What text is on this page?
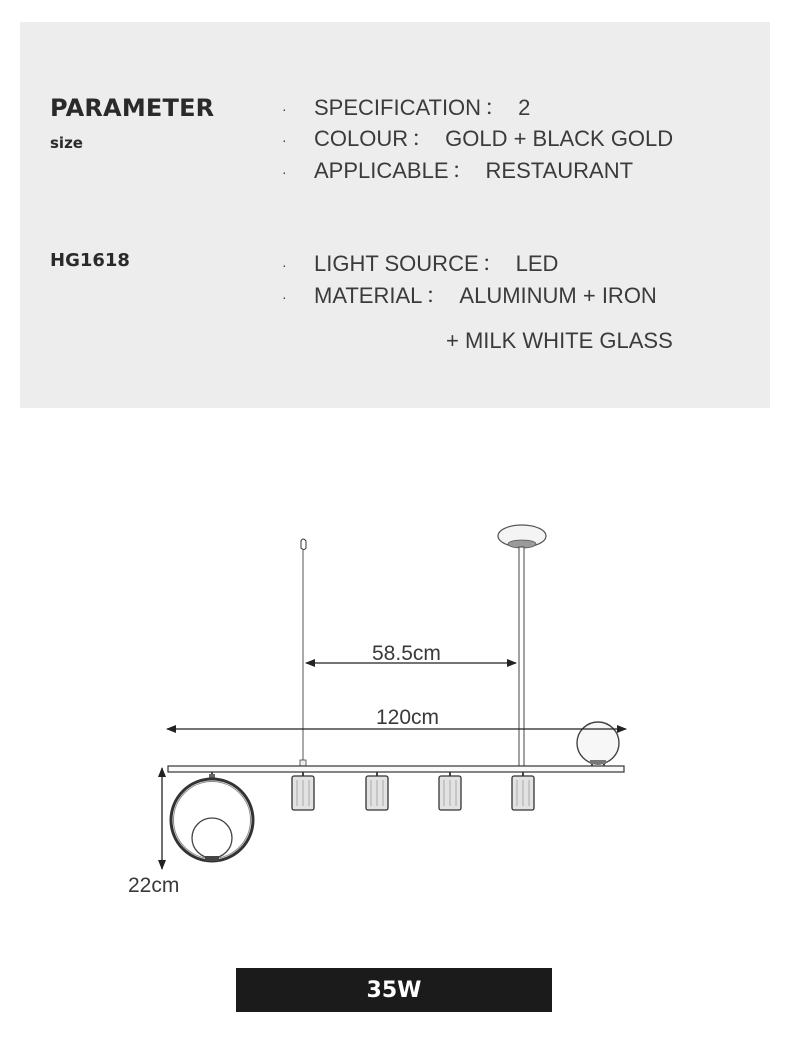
PARAMETER
size
HG1618
· SPECIFICATION ： 2
· COLOUR ： GOLD + BLACK GOLD
· APPLICABLE ： RESTAURANT
· LIGHT SOURCE ： LED
· MATERIAL ： ALUMINUM + IRON
+ MILK WHITE GLASS
58.5cm
120cm
22cm
35W
